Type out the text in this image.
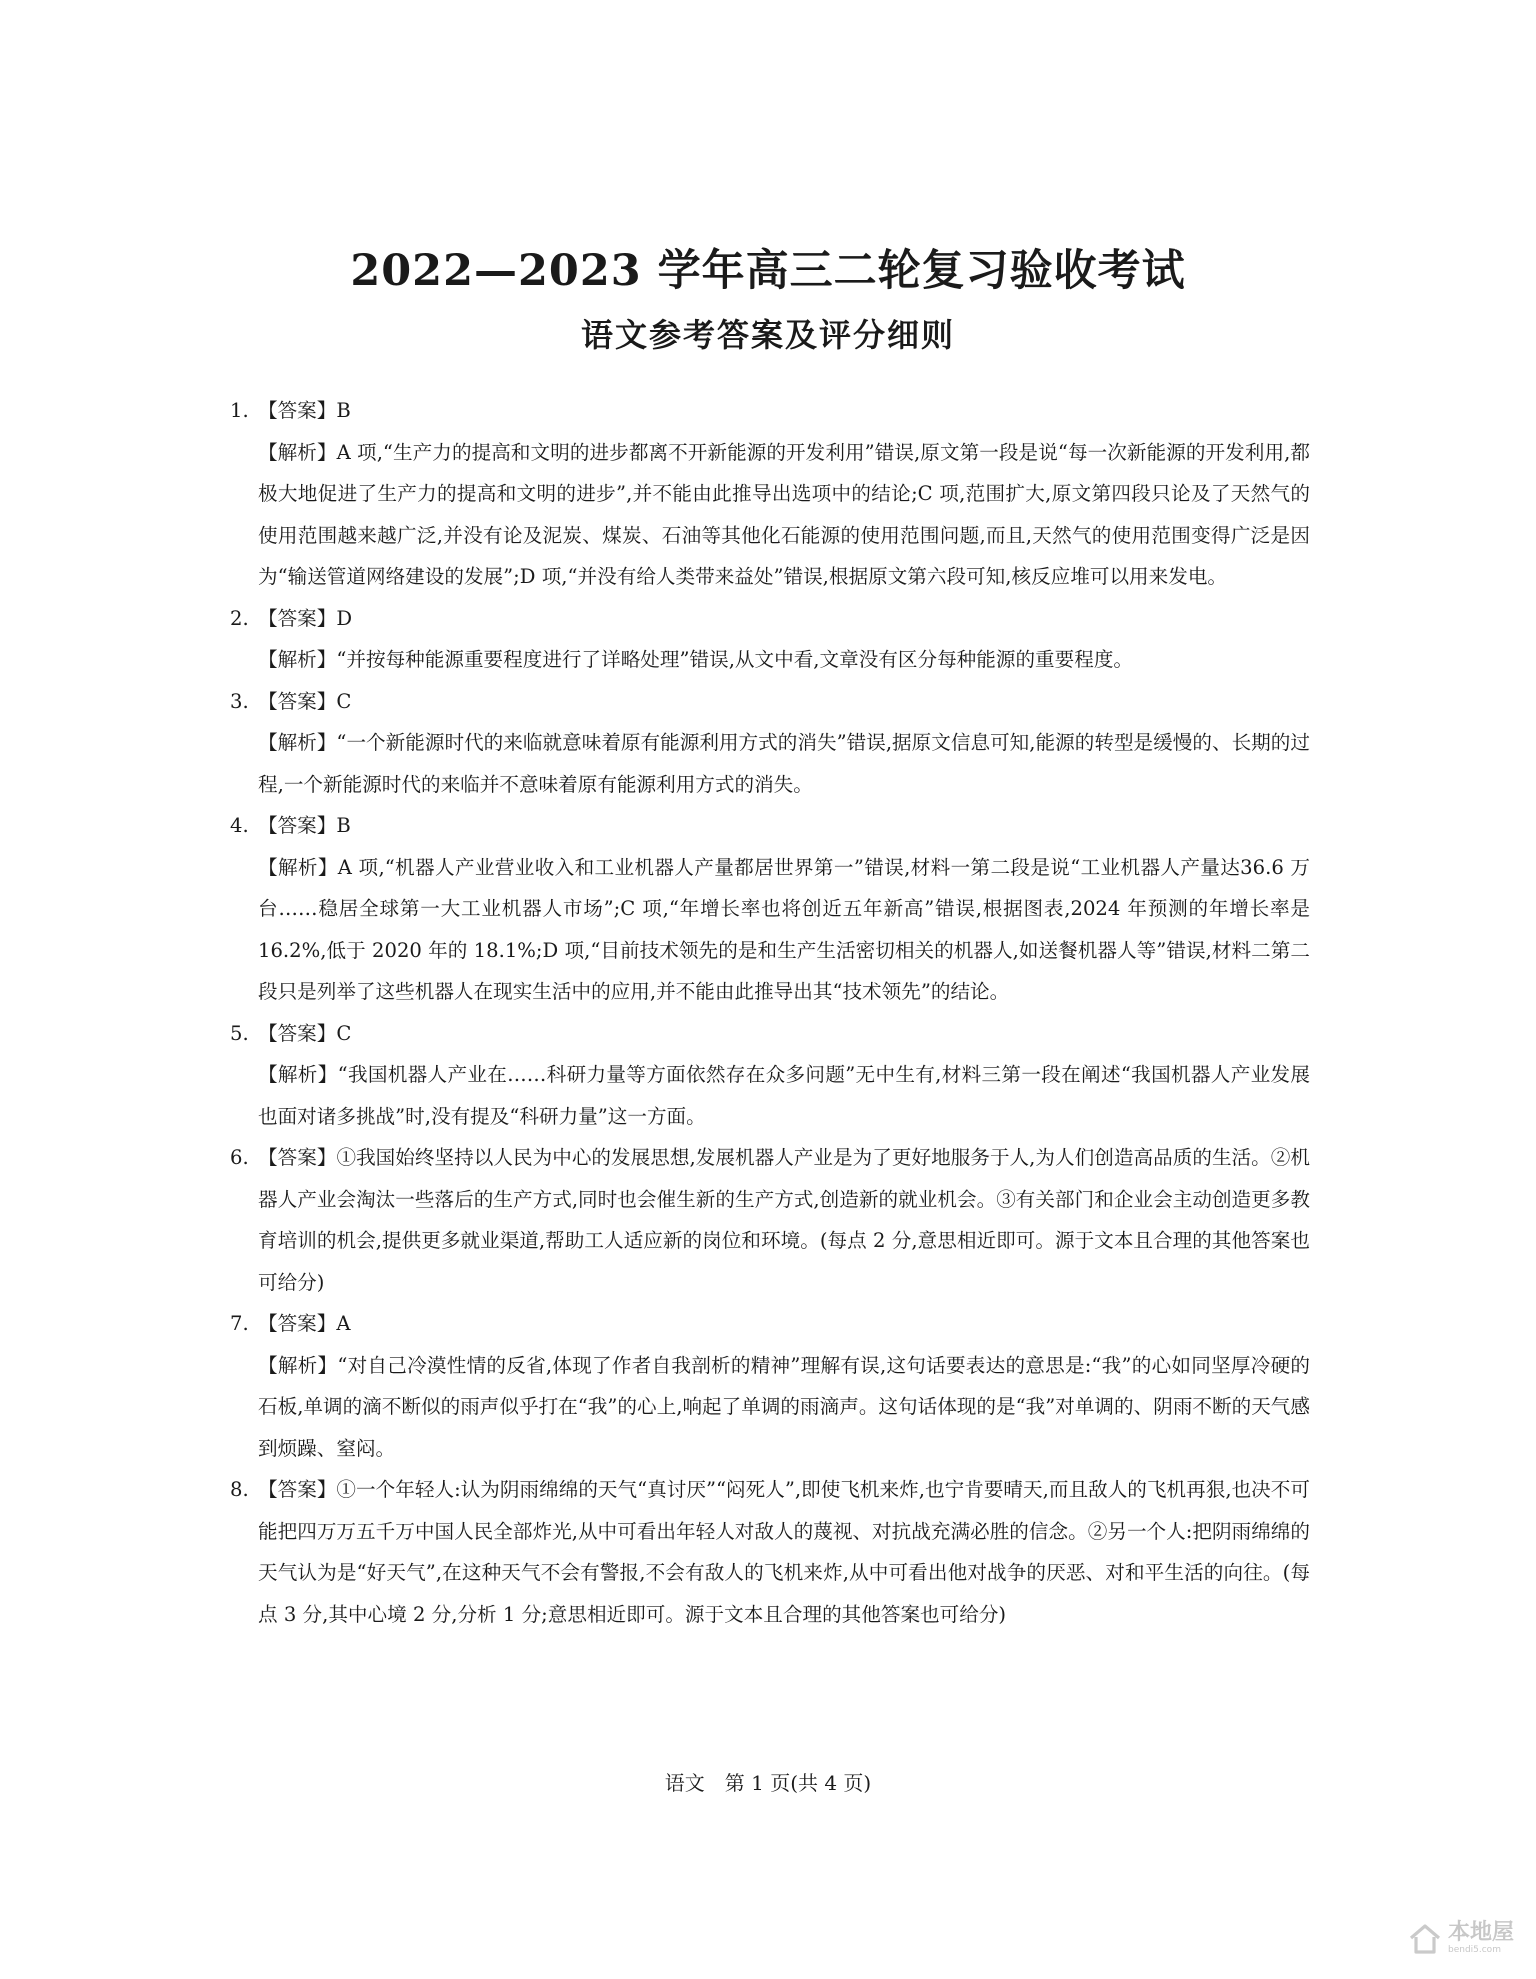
2022—2023 学年高三二轮复习验收考试
语文参考答案及评分细则
1. 【答案】B
【解析】A 项,“生产力的提高和文明的进步都离不开新能源的开发利用”错误,原文第一段是说“每一次新能源的开发利用,都极大地促进了生产力的提高和文明的进步”,并不能由此推导出选项中的结论;C 项,范围扩大,原文第四段只论及了天然气的使用范围越来越广泛,并没有论及泥炭、煤炭、石油等其他化石能源的使用范围问题,而且,天然气的使用范围变得广泛是因为“输送管道网络建设的发展”;D 项,“并没有给人类带来益处”错误,根据原文第六段可知,核反应堆可以用来发电。
2. 【答案】D
【解析】“并按每种能源重要程度进行了详略处理”错误,从文中看,文章没有区分每种能源的重要程度。
3. 【答案】C
【解析】“一个新能源时代的来临就意味着原有能源利用方式的消失”错误,据原文信息可知,能源的转型是缓慢的、长期的过程,一个新能源时代的来临并不意味着原有能源利用方式的消失。
4. 【答案】B
【解析】A 项,“机器人产业营业收入和工业机器人产量都居世界第一”错误,材料一第二段是说“工业机器人产量达36.6 万台……稳居全球第一大工业机器人市场”;C 项,“年增长率也将创近五年新高”错误,根据图表,2024 年预测的年增长率是 16.2%,低于 2020 年的 18.1%;D 项,“目前技术领先的是和生产生活密切相关的机器人,如送餐机器人等”错误,材料二第二段只是列举了这些机器人在现实生活中的应用,并不能由此推导出其“技术领先”的结论。
5. 【答案】C
【解析】“我国机器人产业在……科研力量等方面依然存在众多问题”无中生有,材料三第一段在阐述“我国机器人产业发展也面对诸多挑战”时,没有提及“科研力量”这一方面。
6. 【答案】①我国始终坚持以人民为中心的发展思想,发展机器人产业是为了更好地服务于人,为人们创造高品质的生活。②机器人产业会淘汰一些落后的生产方式,同时也会催生新的生产方式,创造新的就业机会。③有关部门和企业会主动创造更多教育培训的机会,提供更多就业渠道,帮助工人适应新的岗位和环境。(每点 2 分,意思相近即可。源于文本且合理的其他答案也可给分)
7. 【答案】A
【解析】“对自己冷漠性情的反省,体现了作者自我剖析的精神”理解有误,这句话要表达的意思是:“我”的心如同坚厚冷硬的石板,单调的滴不断似的雨声似乎打在“我”的心上,响起了单调的雨滴声。这句话体现的是“我”对单调的、阴雨不断的天气感到烦躁、窒闷。
8. 【答案】①一个年轻人:认为阴雨绵绵的天气“真讨厌”“闷死人”,即使飞机来炸,也宁肯要晴天,而且敌人的飞机再狠,也决不可能把四万万五千万中国人民全部炸光,从中可看出年轻人对敌人的蔑视、对抗战充满必胜的信念。②另一个人:把阴雨绵绵的天气认为是“好天气”,在这种天气不会有警报,不会有敌人的飞机来炸,从中可看出他对战争的厌恶、对和平生活的向往。(每点 3 分,其中心境 2 分,分析 1 分;意思相近即可。源于文本且合理的其他答案也可给分)
语文　第 1 页(共 4 页)
本地屋
bendi5.com
